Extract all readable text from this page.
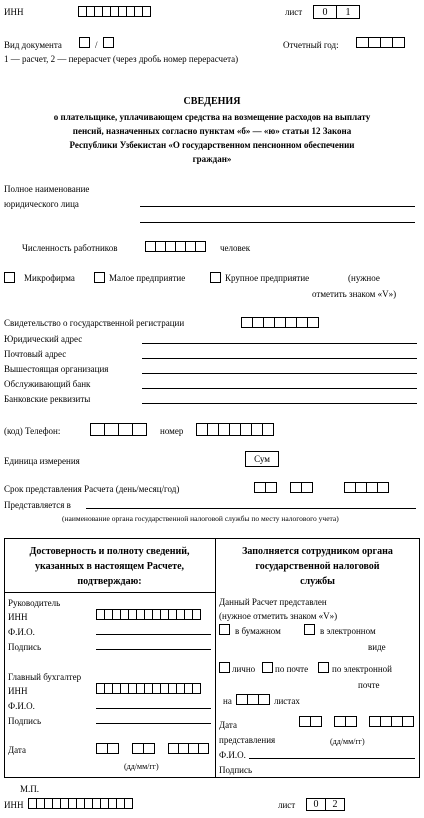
ИНН	лист	0	1
Вид документа	/	Отчетный год:
1 — расчет, 2 — перерасчет (через дробь номер перерасчета)
СВЕДЕНИЯ
о плательщике, уплачивающем средства на возмещение расходов на выплату
пенсий, назначенных согласно пунктам «б» — «ю» статьи 12 Закона
Республики Узбекистан «О государственном пенсионном обеспечении
граждан»
Полное наименование
юридического лица
Численность работников	человек
Микрофирма	Малое предприятие	Крупное предприятие	(нужное
отметить знаком «V»)
Свидетельство о государственной регистрации
Юридический адрес
Почтовый адрес
Вышестоящая организация
Обслуживающий банк
Банковские реквизиты
(код) Телефон:	номер
Единица измерения	Сум
Срок представления Расчета (день/месяц/год)
Представляется в
(наименование органа государственной налоговой службы по месту налогового учета)
Достоверность и полноту сведений,
указанных в настоящем Расчете,
подтверждаю:
Руководитель
ИНН
Ф.И.О.
Подпись
Главный бухгалтер
ИНН
Ф.И.О.
Подпись
Дата
(дд/мм/гг)
Заполняется сотрудником органа
государственной налоговой
службы
Данный Расчет представлен
(нужное отметить знаком «V»)
в бумажном	в электронном
виде
лично по почте	по электронной
почте
на	листах
Дата
представления	(дд/мм/гг)
Ф.И.О.
Подпись
М.П.
ИНН	лист	0	2
